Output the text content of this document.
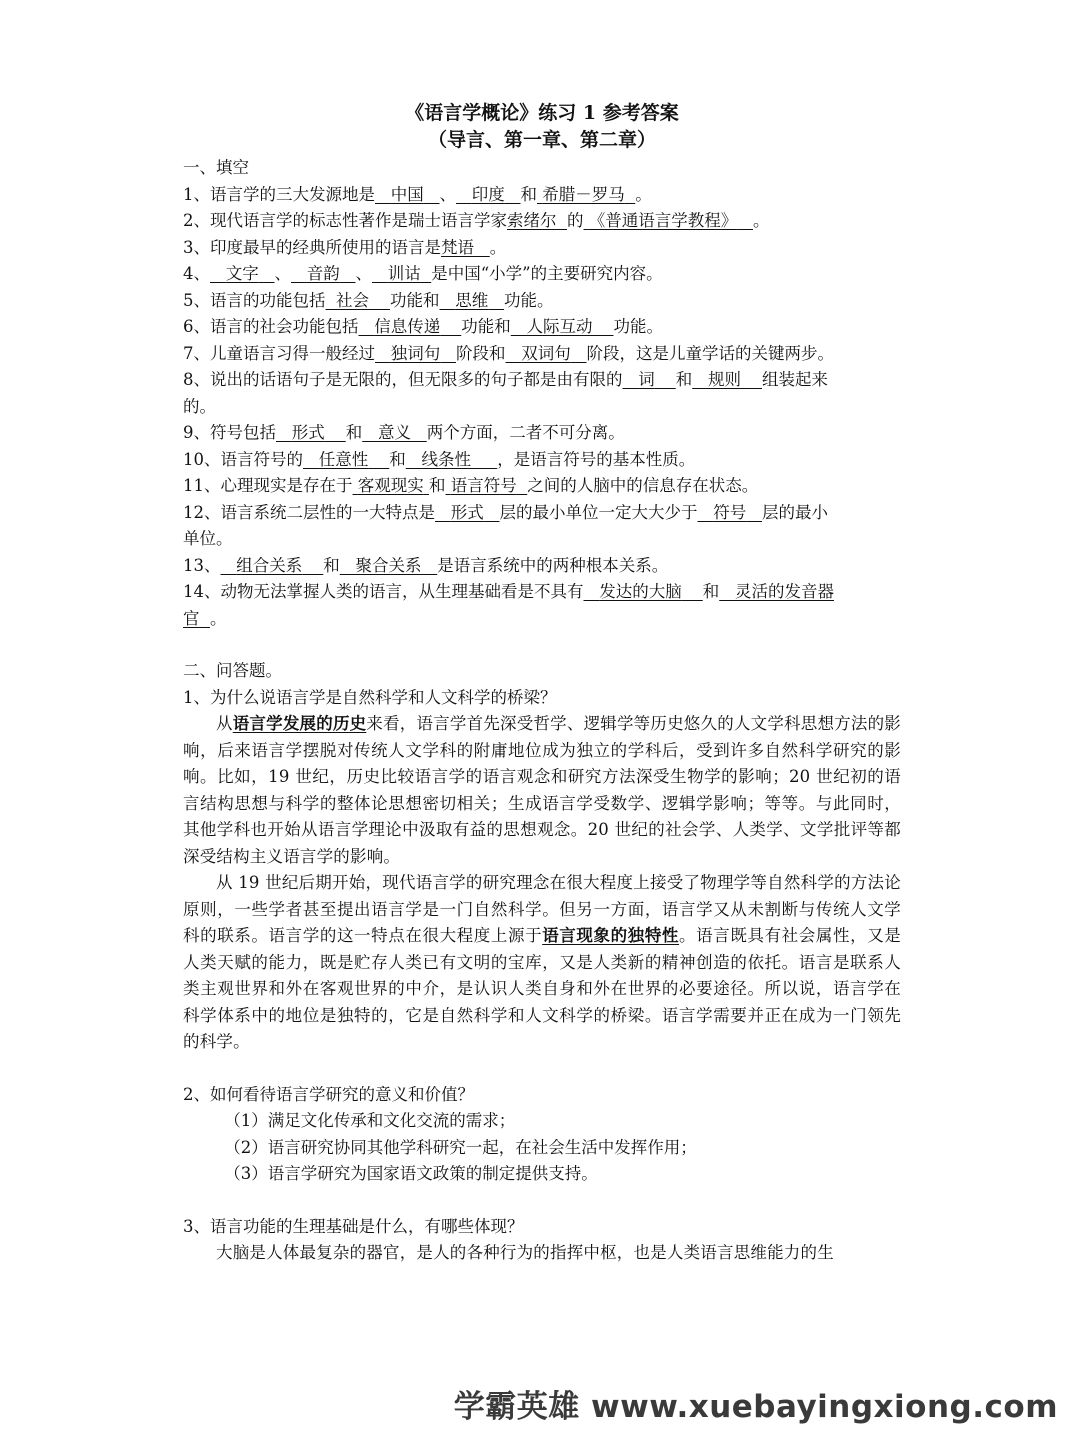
《语言学概论》练习 1 参考答案

（导言、第一章、第二章）

一、填空

1、语言学的三大发源地是 中国 、 印度 和 希腊－罗马 。

2、现代语言学的标志性著作是瑞士语言学家索绪尔 的 《普通语言学教程》 。

3、印度最早的经典所使用的语言是梵语 。

4、 文字 、 音韵 、 训诂 是中国“小学”的主要研究内容。

5、语言的功能包括 社会 功能和 思维 功能。

6、语言的社会功能包括 信息传递 功能和 人际互动 功能。

7、儿童语言习得一般经过 独词句 阶段和 双词句 阶段，这是儿童学话的关键两步。

8、说出的话语句子是无限的，但无限多的句子都是由有限的 词 和 规则 组装起来

的。

9、符号包括 形式 和 意义 两个方面，二者不可分离。

10、语言符号的 任意性 和 线条性 ，是语言符号的基本性质。

11、心理现实是存在于 客观现实 和 语言符号 之间的人脑中的信息存在状态。

12、语言系统二层性的一大特点是 形式 层的最小单位一定大大少于 符号 层的最小

单位。

13、 组合关系 和 聚合关系 是语言系统中的两种根本关系。

14、动物无法掌握人类的语言，从生理基础看是不具有 发达的大脑 和 灵活的发音器

官 。

二、问答题。

1、为什么说语言学是自然科学和人文科学的桥梁？

从语言学发展的历史来看，语言学首先深受哲学、逻辑学等历史悠久的人文学科思想方法的影响，后来语言学摆脱对传统人文学科的附庸地位成为独立的学科后，受到许多自然科学研究的影响。比如，19 世纪，历史比较语言学的语言观念和研究方法深受生物学的影响；20 世纪初的语言结构思想与科学的整体论思想密切相关；生成语言学受数学、逻辑学影响；等等。与此同时，其他学科也开始从语言学理论中汲取有益的思想观念。20 世纪的社会学、人类学、文学批评等都深受结构主义语言学的影响。

从 19 世纪后期开始，现代语言学的研究理念在很大程度上接受了物理学等自然科学的方法论原则，一些学者甚至提出语言学是一门自然科学。但另一方面，语言学又从未割断与传统人文学科的联系。语言学的这一特点在很大程度上源于语言现象的独特性。语言既具有社会属性，又是人类天赋的能力，既是贮存人类已有文明的宝库，又是人类新的精神创造的依托。语言是联系人类主观世界和外在客观世界的中介，是认识人类自身和外在世界的必要途径。所以说，语言学在科学体系中的地位是独特的，它是自然科学和人文科学的桥梁。语言学需要并正在成为一门领先的科学。

2、如何看待语言学研究的意义和价值？

（1）满足文化传承和文化交流的需求；

（2）语言研究协同其他学科研究一起，在社会生活中发挥作用；

（3）语言学研究为国家语文政策的制定提供支持。

3、语言功能的生理基础是什么，有哪些体现？

大脑是人体最复杂的器官，是人的各种行为的指挥中枢，也是人类语言思维能力的生

学霸英雄 www.xuebayingxiong.com
